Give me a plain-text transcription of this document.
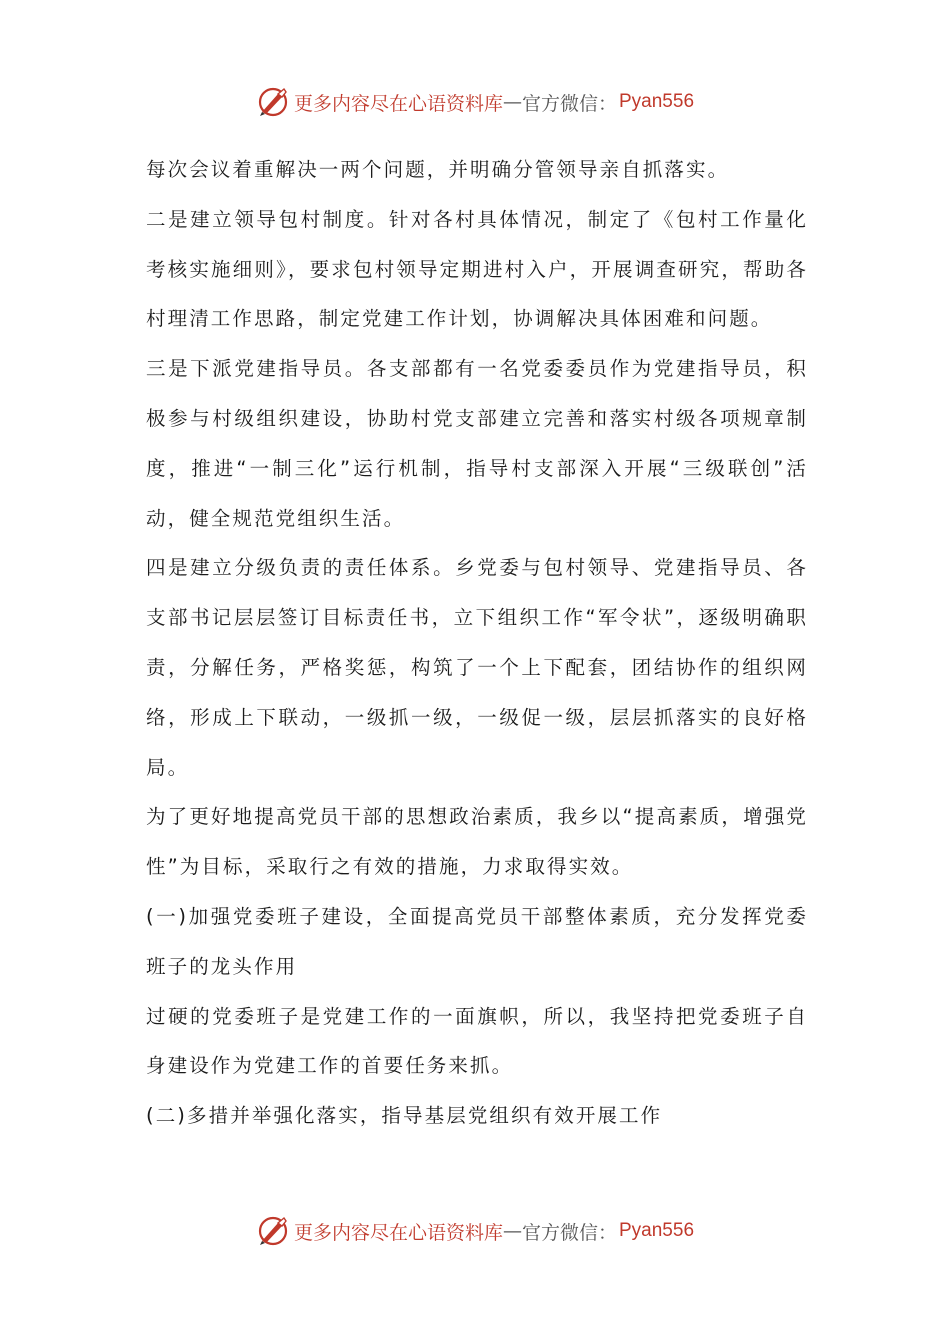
更多内容尽在心语资料库 — 官方微信： Pyan556

每次会议着重解决一两个问题，并明确分管领导亲自抓落实。

二是建立领导包村制度。针对各村具体情况，制定了《包村工作量化考核实施细则》，要求包村领导定期进村入户，开展调查研究，帮助各村理清工作思路，制定党建工作计划，协调解决具体困难和问题。

三是下派党建指导员。各支部都有一名党委委员作为党建指导员，积极参与村级组织建设，协助村党支部建立完善和落实村级各项规章制度，推进“一制三化”运行机制，指导村支部深入开展“三级联创”活动，健全规范党组织生活。

四是建立分级负责的责任体系。乡党委与包村领导、党建指导员、各支部书记层层签订目标责任书，立下组织工作“军令状”，逐级明确职责，分解任务，严格奖惩，构筑了一个上下配套，团结协作的组织网络，形成上下联动，一级抓一级，一级促一级，层层抓落实的良好格局。

为了更好地提高党员干部的思想政治素质，我乡以“提高素质，增强党性”为目标，采取行之有效的措施，力求取得实效。

(一)加强党委班子建设，全面提高党员干部整体素质，充分发挥党委班子的龙头作用

过硬的党委班子是党建工作的一面旗帜，所以，我坚持把党委班子自身建设作为党建工作的首要任务来抓。

(二)多措并举强化落实，指导基层党组织有效开展工作

更多内容尽在心语资料库 — 官方微信： Pyan556
